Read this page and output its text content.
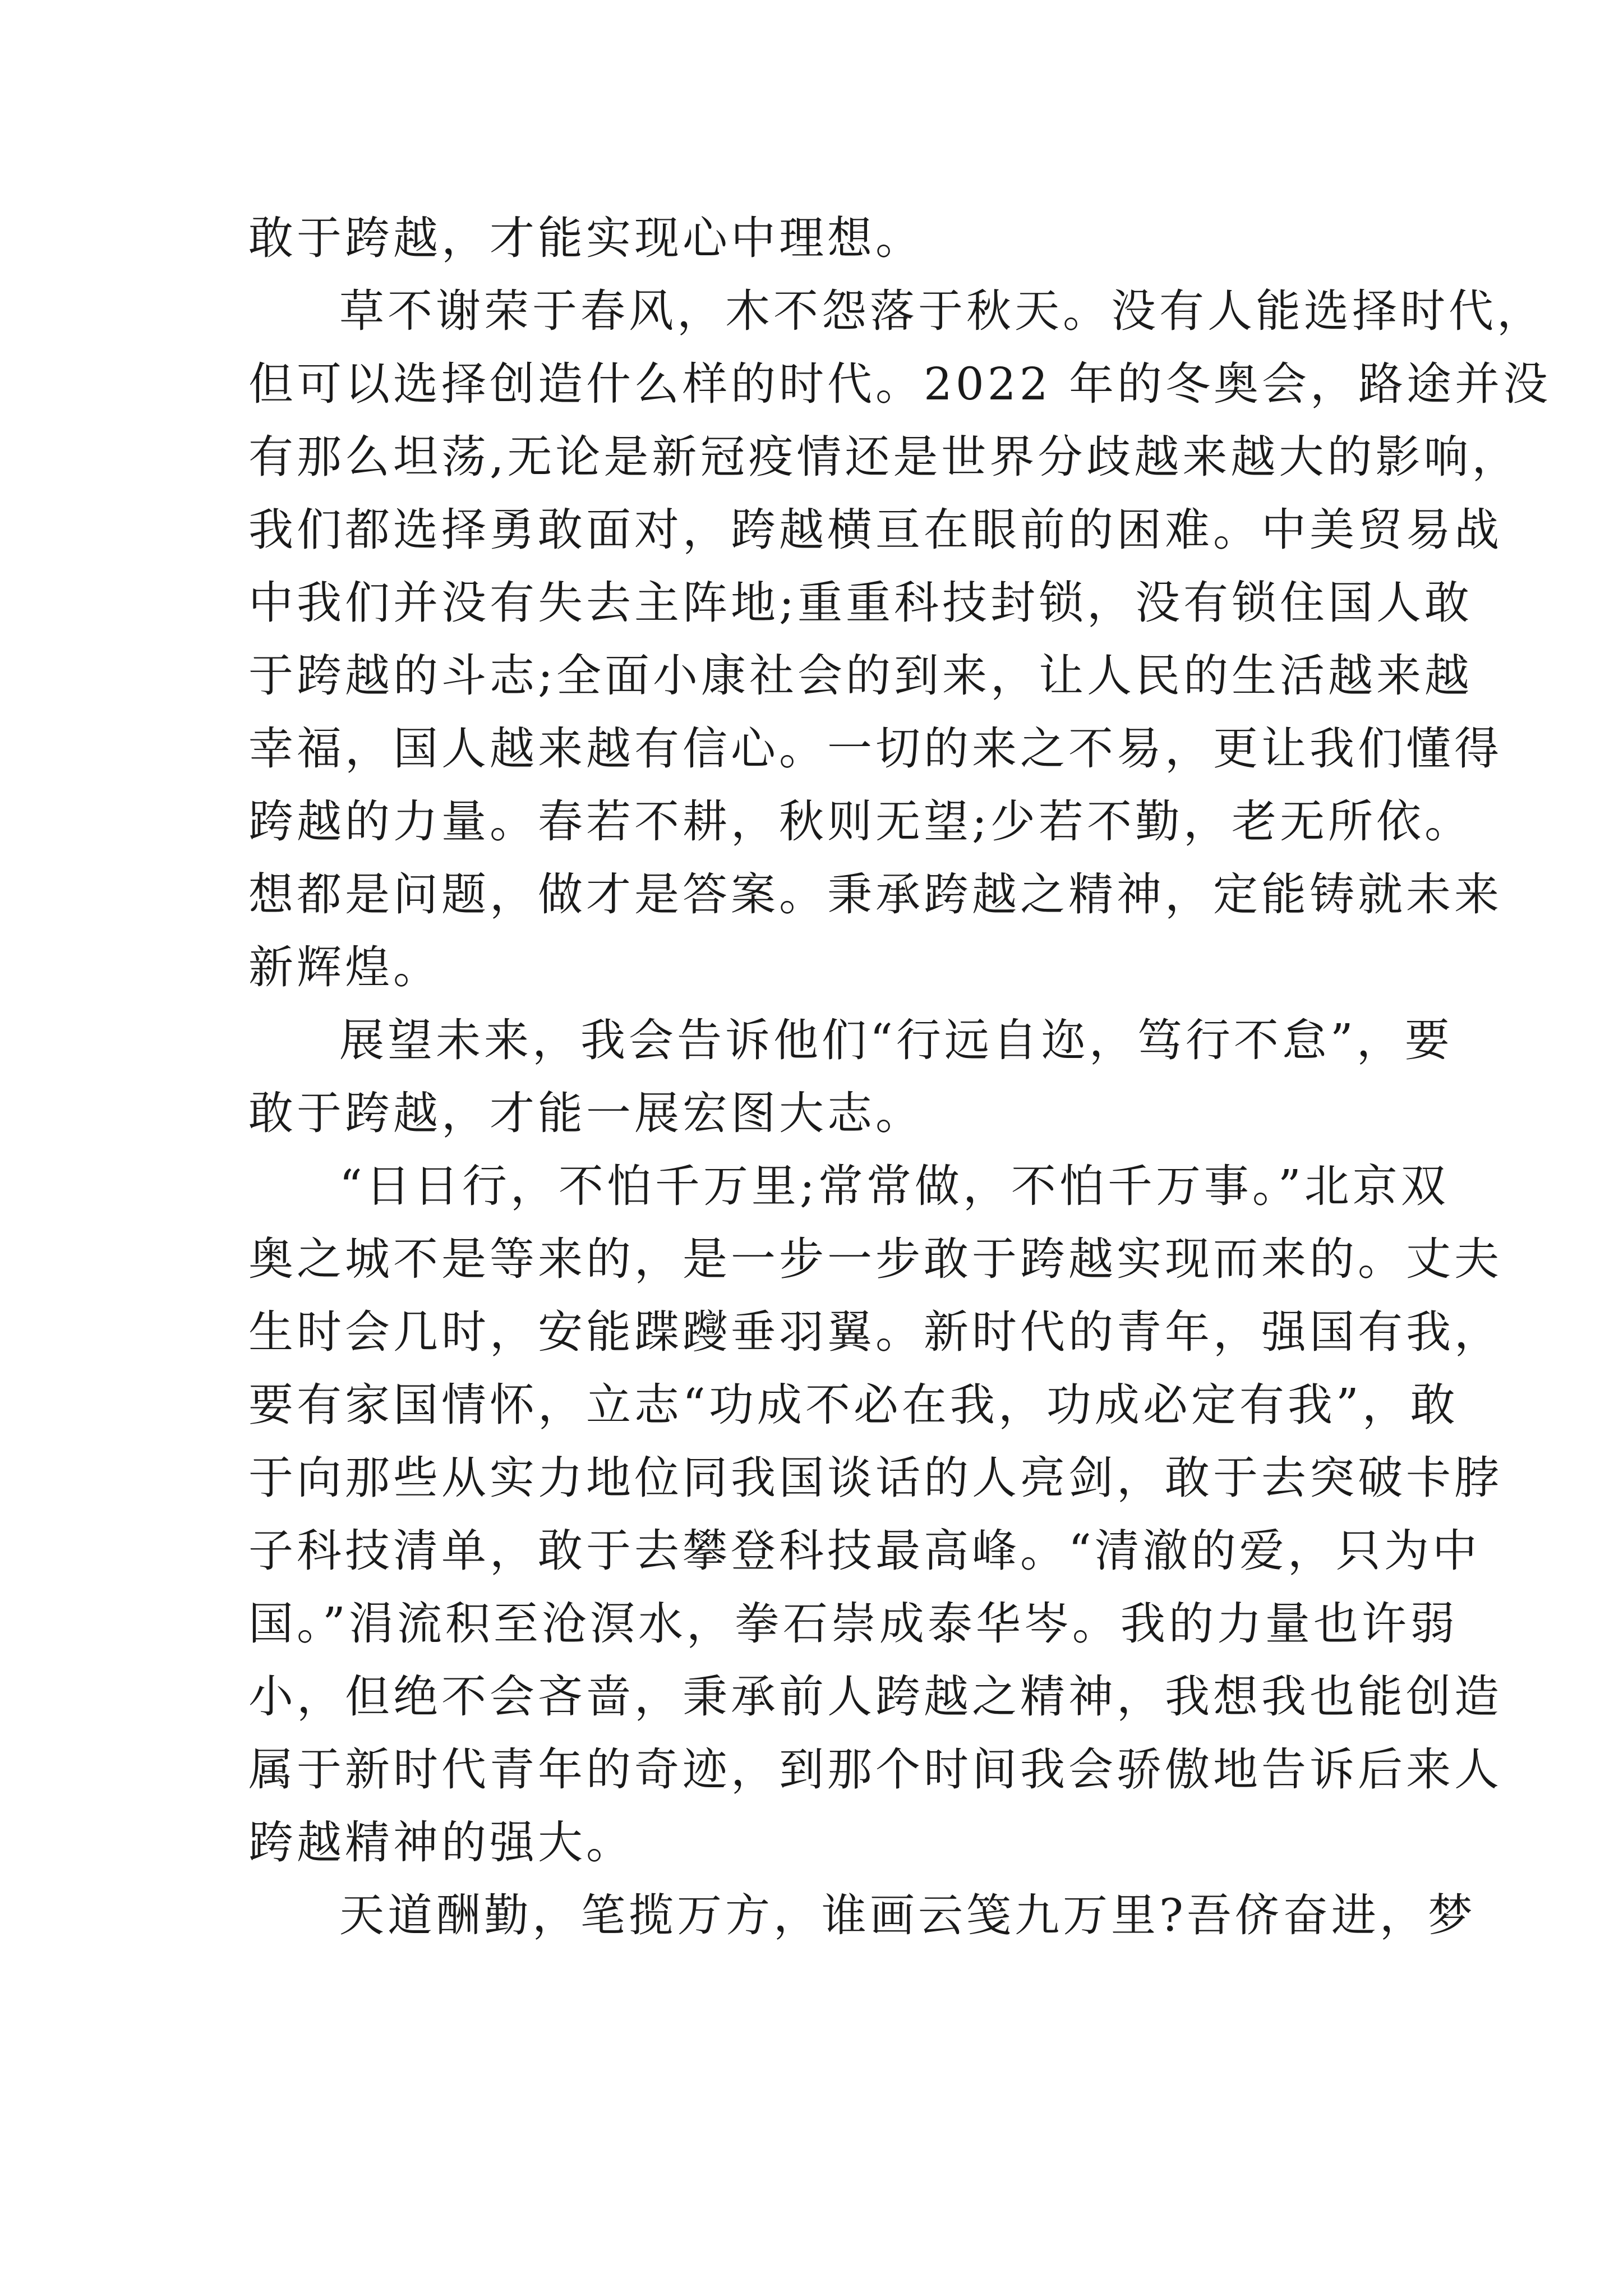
敢于跨越，才能实现心中理想。
草不谢荣于春风，木不怨落于秋天。没有人能选择时代，
但可以选择创造什么样的时代。2022 年的冬奥会，路途并没
有那么坦荡,无论是新冠疫情还是世界分歧越来越大的影响，
我们都选择勇敢面对，跨越横亘在眼前的困难。中美贸易战
中我们并没有失去主阵地;重重科技封锁，没有锁住国人敢
于跨越的斗志;全面小康社会的到来，让人民的生活越来越
幸福，国人越来越有信心。一切的来之不易，更让我们懂得
跨越的力量。春若不耕，秋则无望;少若不勤，老无所依。
想都是问题，做才是答案。秉承跨越之精神，定能铸就未来
新辉煌。
展望未来，我会告诉他们“行远自迩，笃行不怠”，要
敢于跨越，才能一展宏图大志。
“日日行，不怕千万里;常常做，不怕千万事。”北京双
奥之城不是等来的，是一步一步敢于跨越实现而来的。丈夫
生时会几时，安能蹀躞垂羽翼。新时代的青年，强国有我，
要有家国情怀，立志“功成不必在我，功成必定有我”，敢
于向那些从实力地位同我国谈话的人亮剑，敢于去突破卡脖
子科技清单，敢于去攀登科技最高峰。“清澈的爱，只为中
国。”涓流积至沧溟水，拳石崇成泰华岑。我的力量也许弱
小，但绝不会吝啬，秉承前人跨越之精神，我想我也能创造
属于新时代青年的奇迹，到那个时间我会骄傲地告诉后来人
跨越精神的强大。
天道酬勤，笔揽万方，谁画云笺九万里?吾侪奋进，梦
